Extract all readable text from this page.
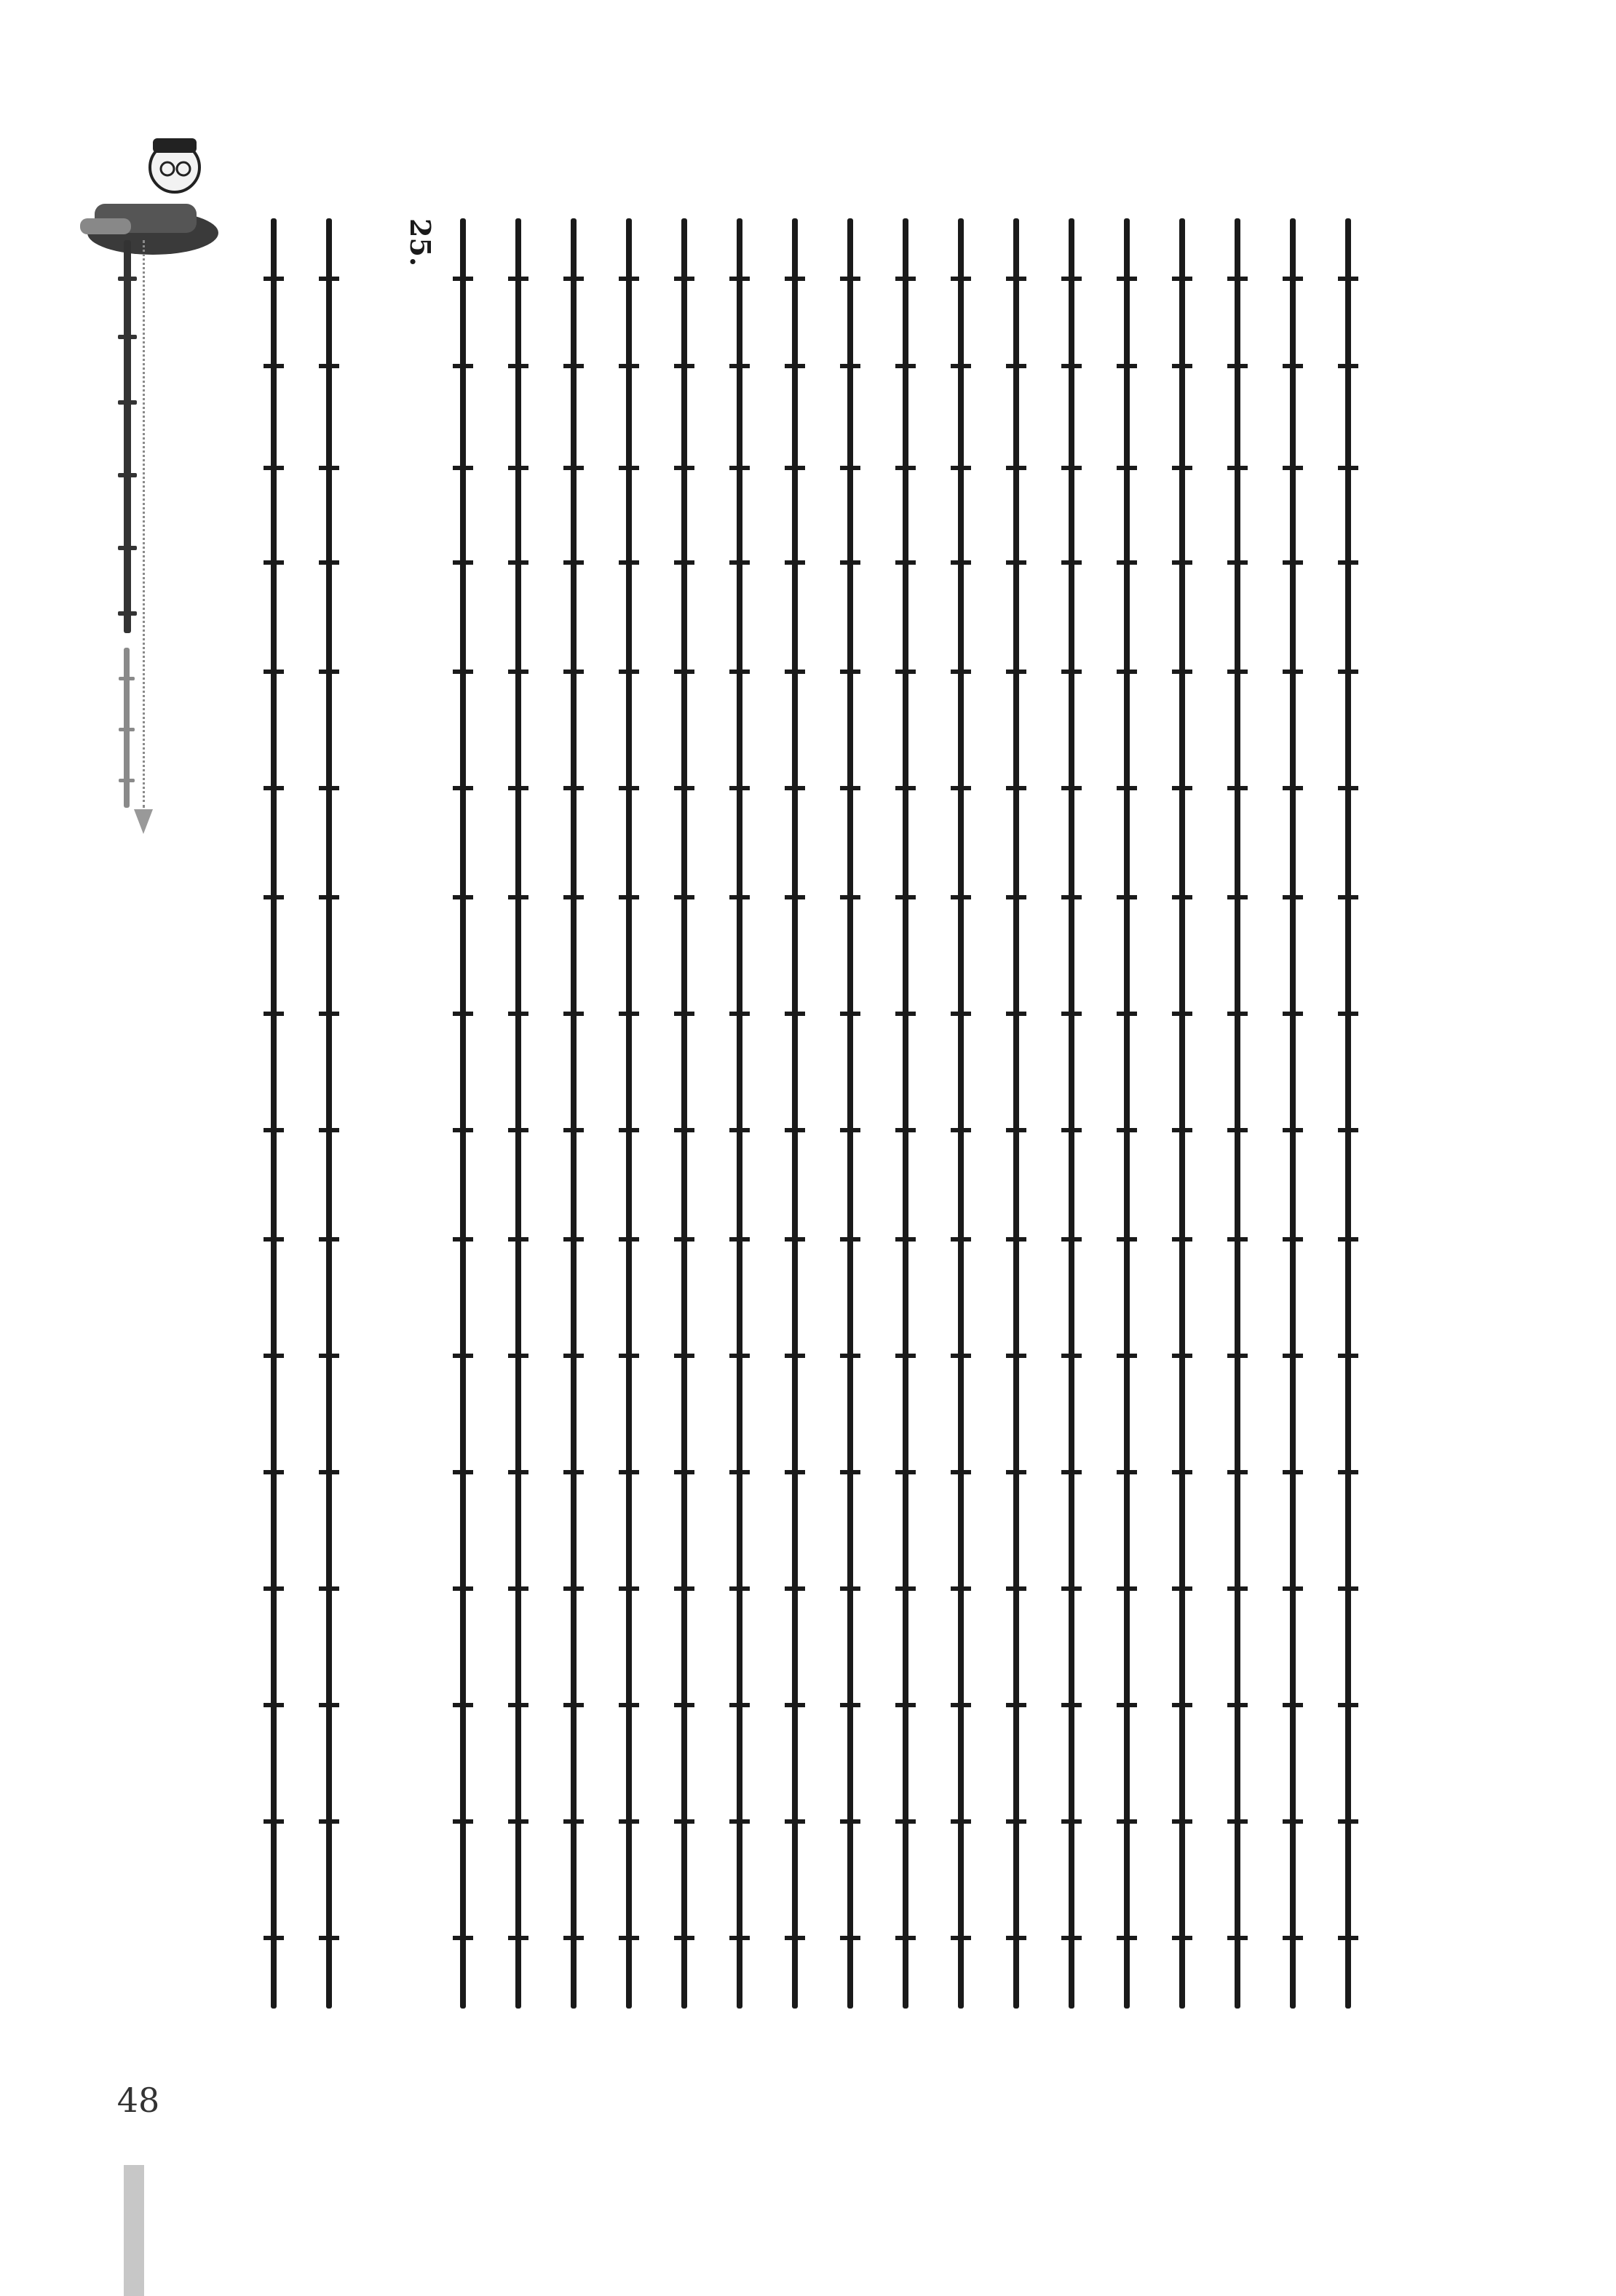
25.
48
